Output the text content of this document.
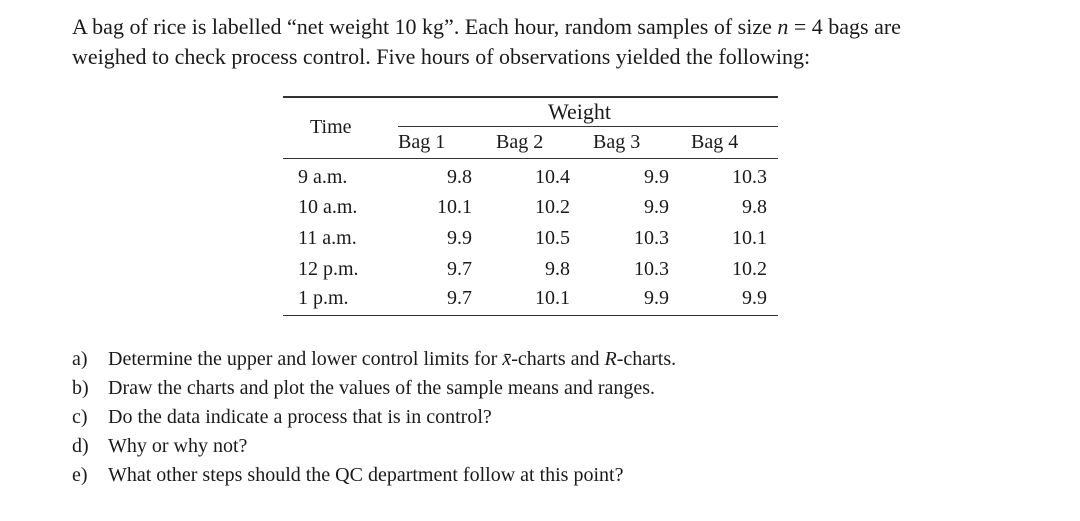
A bag of rice is labelled “net weight 10 kg”. Each hour, random samples of size n = 4 bags are

weighed to check process control. Five hours of observations yielded the following:

Weight
Time
Bag 1	Bag 2 Bag 3	Bag 4
9 a.m.	9.8	10.4	9.9	10.3
10 a.m.	10.1	10.2	9.9	9.8
11 a.m.	9.9	10.5	10.3	10.1
12 p.m.	9.7	9.8	10.3	10.2
1 p.m.	9.7	10.1	9.9	9.9
a) Determine the upper and lower control limits for x̄-charts and R-charts.
b) Draw the charts and plot the values of the sample means and ranges.
c) Do the data indicate a process that is in control?
d) Why or why not?
e) What other steps should the QC department follow at this point?
